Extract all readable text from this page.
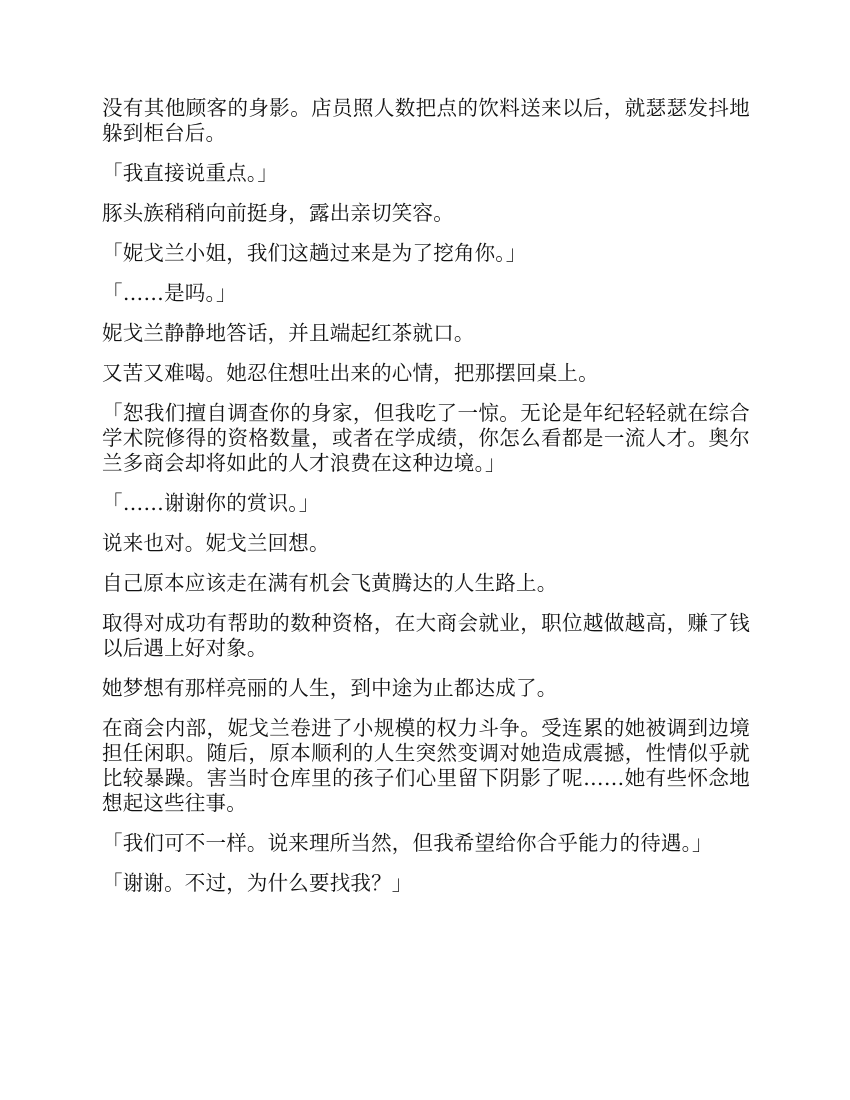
没有其他顾客的身影。店员照人数把点的饮料送来以后，就瑟瑟发抖地躲到柜台后。

「我直接说重点。」

豚头族稍稍向前挺身，露出亲切笑容。

「妮戈兰小姐，我们这趟过来是为了挖角你。」

「……是吗。」

妮戈兰静静地答话，并且端起红茶就口。

又苦又难喝。她忍住想吐出来的心情，把那摆回桌上。

「恕我们擅自调查你的身家，但我吃了一惊。无论是年纪轻轻就在综合学术院修得的资格数量，或者在学成绩，你怎么看都是一流人才。奥尔兰多商会却将如此的人才浪费在这种边境。」

「……谢谢你的赏识。」

说来也对。妮戈兰回想。

自己原本应该走在满有机会飞黄腾达的人生路上。

取得对成功有帮助的数种资格，在大商会就业，职位越做越高，赚了钱以后遇上好对象。

她梦想有那样亮丽的人生，到中途为止都达成了。

在商会内部，妮戈兰卷进了小规模的权力斗争。受连累的她被调到边境担任闲职。随后，原本顺利的人生突然变调对她造成震撼，性情似乎就比较暴躁。害当时仓库里的孩子们心里留下阴影了呢……她有些怀念地想起这些往事。

「我们可不一样。说来理所当然，但我希望给你合乎能力的待遇。」

「谢谢。不过，为什么要找我？」
